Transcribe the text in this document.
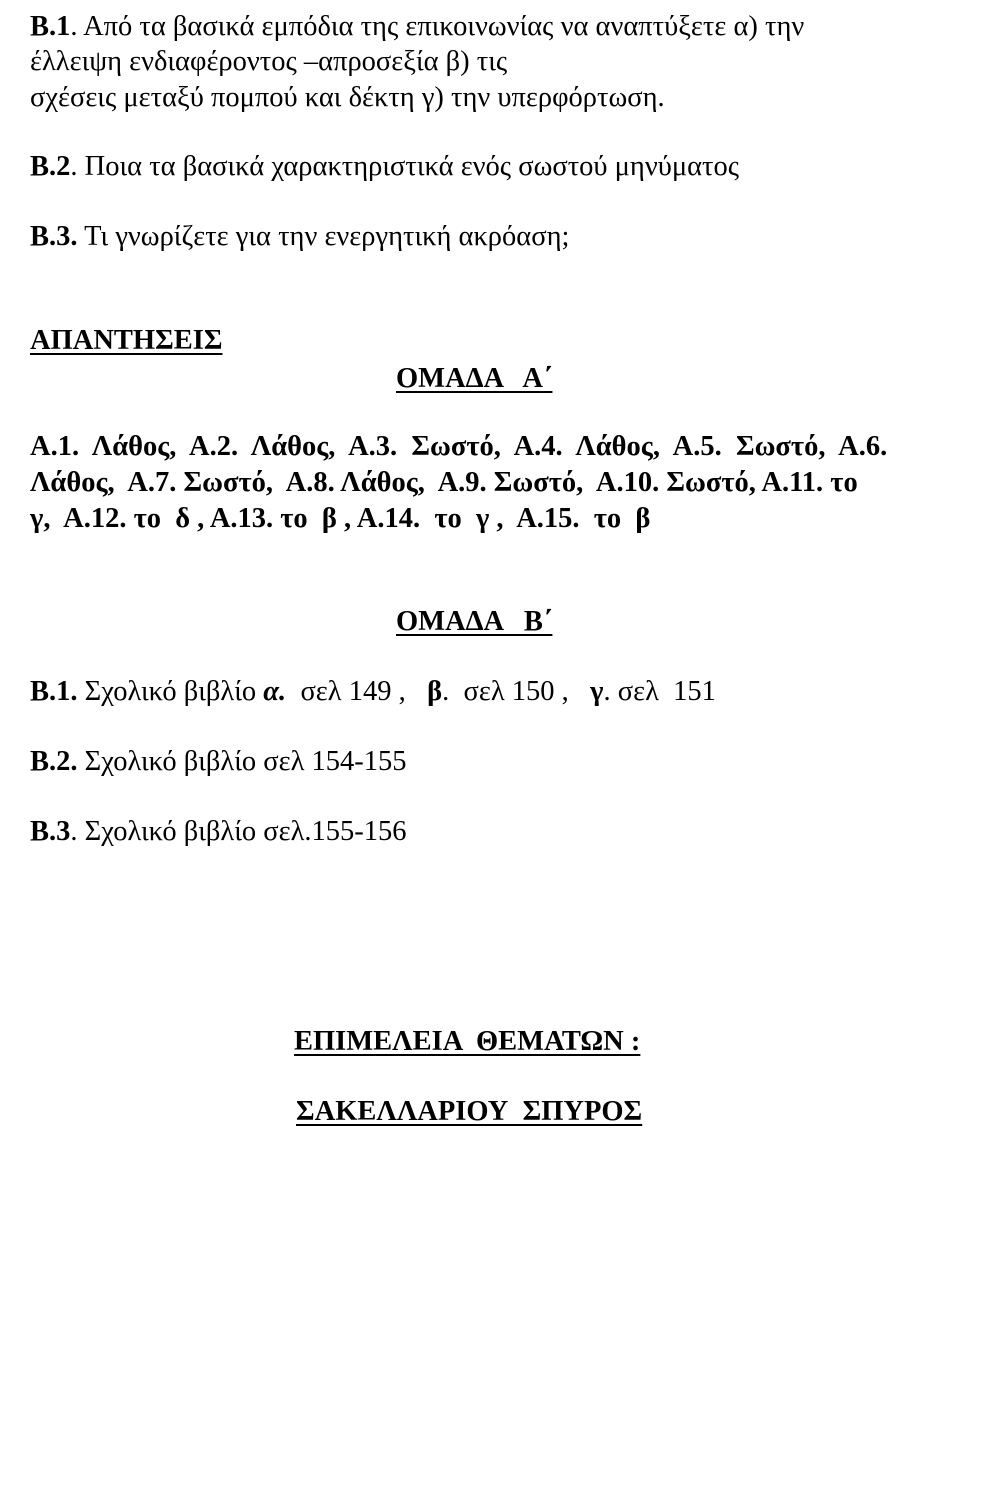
Β.1. Από τα βασικά εμπόδια της επικοινωνίας να αναπτύξετε α) την
έλλειψη ενδιαφέροντος –απροσεξία β) τις
σχέσεις μεταξύ πομπού και δέκτη γ) την υπερφόρτωση.
Β.2. Ποια τα βασικά χαρακτηριστικά ενός σωστού μηνύματος
Β.3. Τι γνωρίζετε για την ενεργητική ακρόαση;
ΑΠΑΝΤΗΣΕΙΣ
ΟΜΑΔΑ   Α΄
Α.1.  Λάθος,  Α.2.  Λάθος,  Α.3.  Σωστό,  Α.4.  Λάθος,  Α.5.  Σωστό,  Α.6.
Λάθος,  Α.7. Σωστό,  Α.8. Λάθος,  Α.9. Σωστό,  Α.10. Σωστό, Α.11. το
γ,  Α.12. το  δ , Α.13. το  β , Α.14.  το  γ ,  Α.15.  το  β
ΟΜΑΔΑ   Β΄
Β.1. Σχολικό βιβλίο α.  σελ 149 ,   β.  σελ 150 ,   γ. σελ  151
Β.2. Σχολικό βιβλίο σελ 154-155
Β.3. Σχολικό βιβλίο σελ.155-156
ΕΠΙΜΕΛΕΙΑ  ΘΕΜΑΤΩΝ :
ΣΑΚΕΛΛΑΡΙΟΥ  ΣΠΥΡΟΣ
